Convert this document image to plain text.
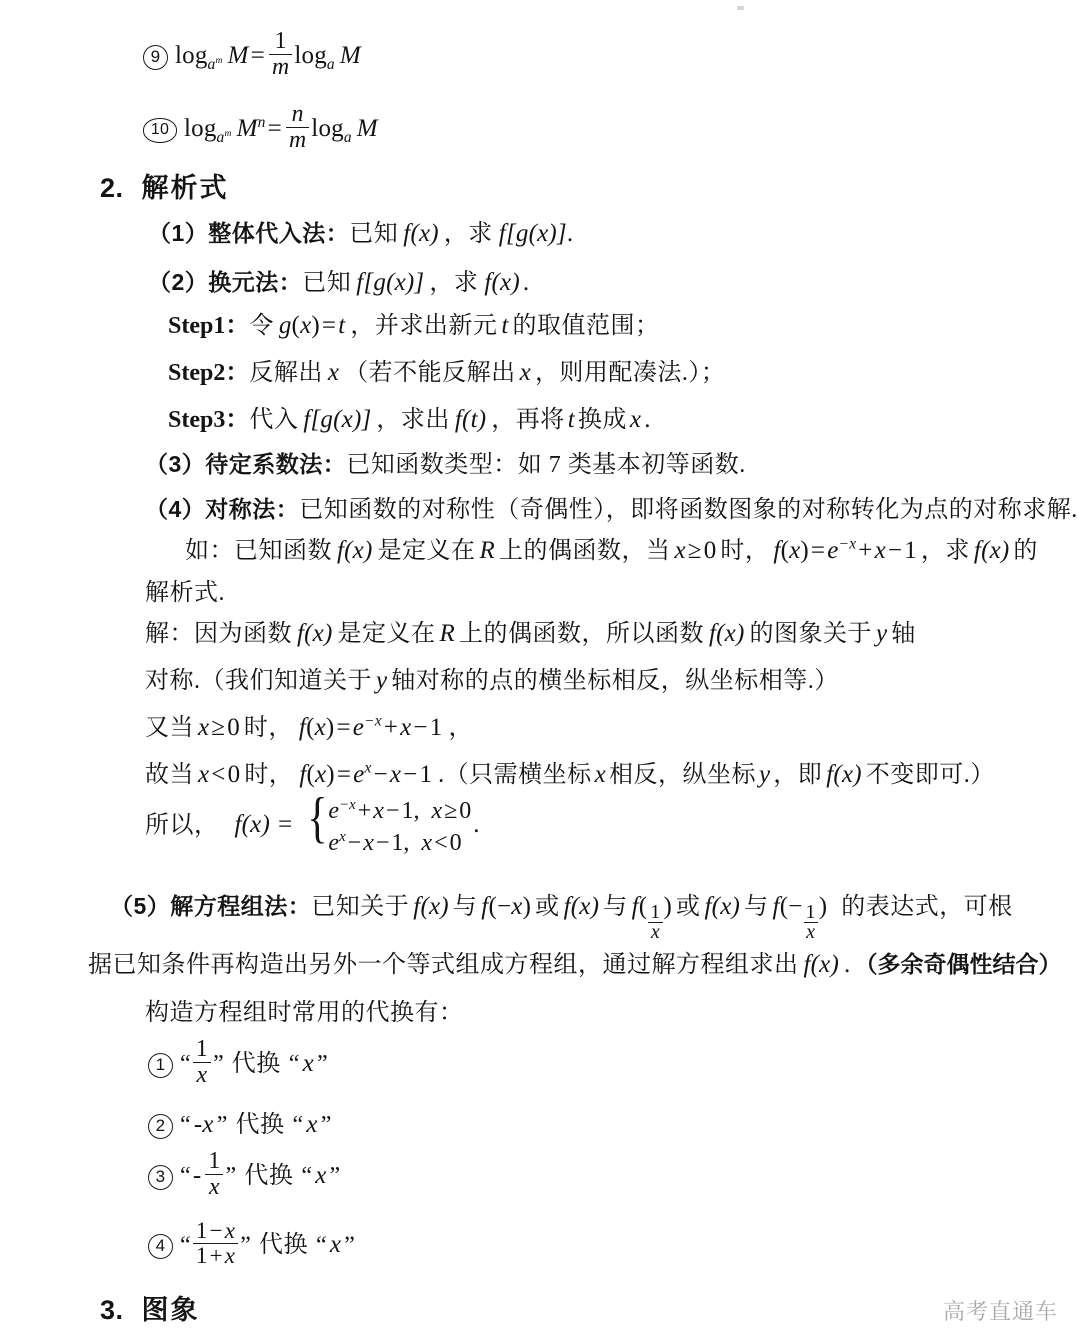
9 $\log_{a^m} M= \frac{1}{m} \log_a M$
10 $\log_{a^m} M^n= \frac{n}{m} \log_a M$
2. 解析式
（1）整体代入法：已知 f(x) ，求 f[g(x)].
（2）换元法：已知 f[g(x)] ，求 f(x) .
Step1：令 g(x)=t ，并求出新元 t 的取值范围；
Step2：反解出 x （若不能反解出 x ，则用配凑法.）；
Step3：代入 f[g(x)] ，求出 f(t) ，再将 t 换成 x .
（3）待定系数法：已知函数类型：如 7 类基本初等函数.
（4）对称法：已知函数的对称性（奇偶性），即将函数图象的对称转化为点的对称求解.
如：已知函数 f(x) 是定义在 R 上的偶函数，当 x≥0 时， $f(x)=e^{-x}+x-1$ ，求 f(x) 的
解析式.
解：因为函数 f(x) 是定义在 R 上的偶函数，所以函数 f(x) 的图象关于 y 轴
对称.（我们知道关于 y 轴对称的点的横坐标相反，纵坐标相等.）
又当 x≥0 时， $f(x)=e^{-x}+x-1$ ，
故当 x<0 时， $f(x)=e^x-x-1$ .（只需横坐标 x 相反，纵坐标 y ，即 f(x) 不变即可.）
所以， f(x) = { $e^{-x}+x-1$, x≥0
$e^x-x-1$, x<0
.
（5）解方程组法：已知关于 f(x) 与 f(−x) 或 f(x) 与 $f( \frac{1}{x}$ ) 或 f(x) 与 $f(- \frac{1}{x}$ ) 的表达式，可根
据已知条件再构造出另外一个等式组成方程组，通过解方程组求出 f(x) . （多余奇偶性结合）
构造方程组时常用的代换有：
1 “ $\frac{1}{x}$ ” 代换 “ x ”
2 “ -x ” 代换 “ x ”
3 “- $\frac{1}{x}$ ” 代换 “ x ”
4 “ $\frac{1-x}{1+x}$ ” 代换 “ x ”
3. 图象	高考直通车
